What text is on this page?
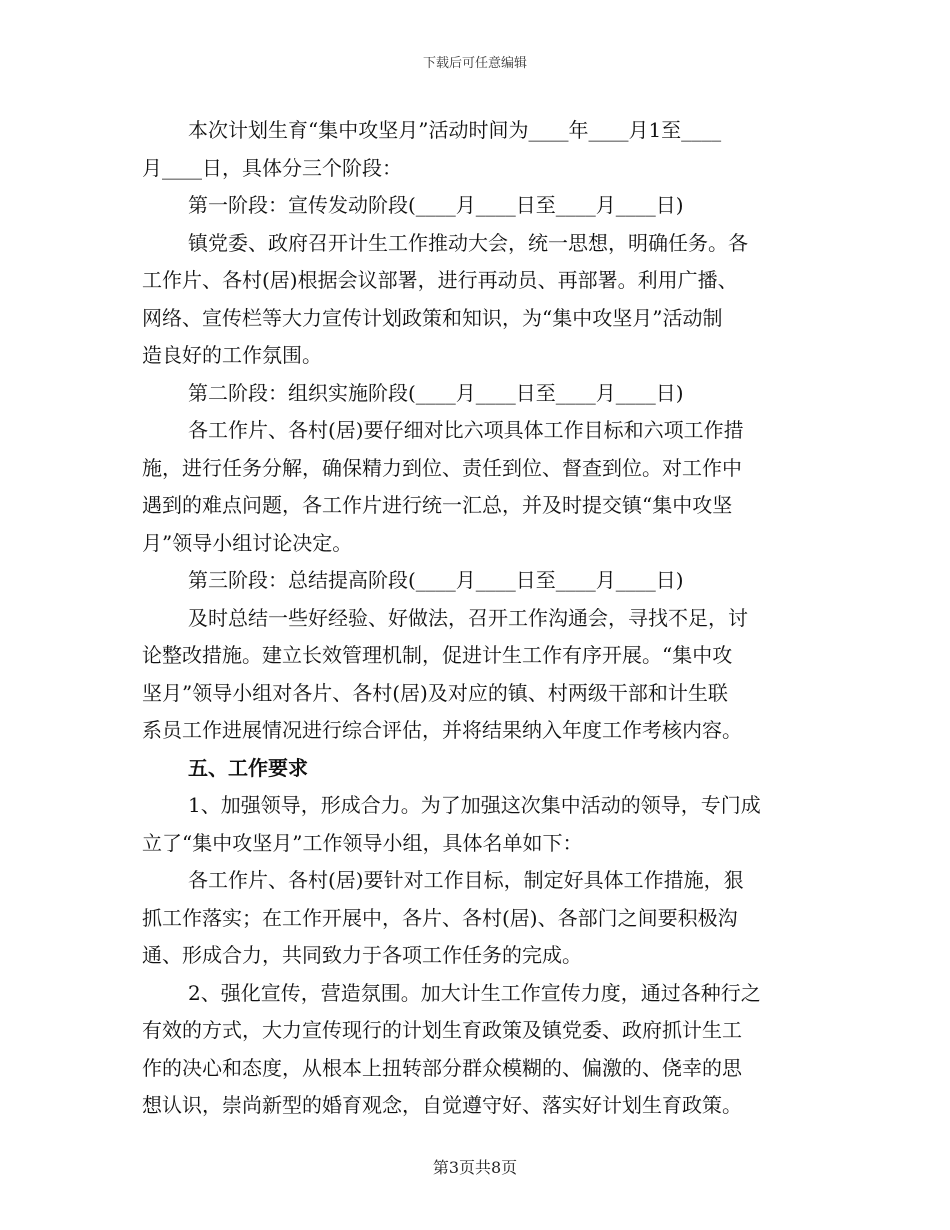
下载后可任意编辑
本次计划生育“集中攻坚月”活动时间为____年____月1至____
月____日，具体分三个阶段：
第一阶段：宣传发动阶段(____月____日至____月____日)
镇党委、政府召开计生工作推动大会，统一思想，明确任务。各
工作片、各村(居)根据会议部署，进行再动员、再部署。利用广播、
网络、宣传栏等大力宣传计划政策和知识，为“集中攻坚月”活动制
造良好的工作氛围。
第二阶段：组织实施阶段(____月____日至____月____日)
各工作片、各村(居)要仔细对比六项具体工作目标和六项工作措
施，进行任务分解，确保精力到位、责任到位、督查到位。对工作中
遇到的难点问题，各工作片进行统一汇总，并及时提交镇“集中攻坚
月”领导小组讨论决定。
第三阶段：总结提高阶段(____月____日至____月____日)
及时总结一些好经验、好做法，召开工作沟通会，寻找不足，讨
论整改措施。建立长效管理机制，促进计生工作有序开展。“集中攻
坚月”领导小组对各片、各村(居)及对应的镇、村两级干部和计生联
系员工作进展情况进行综合评估，并将结果纳入年度工作考核内容。
五、工作要求
1、加强领导，形成合力。为了加强这次集中活动的领导，专门成
立了“集中攻坚月”工作领导小组，具体名单如下：
各工作片、各村(居)要针对工作目标，制定好具体工作措施，狠
抓工作落实；在工作开展中，各片、各村(居)、各部门之间要积极沟
通、形成合力，共同致力于各项工作任务的完成。
2、强化宣传，营造氛围。加大计生工作宣传力度，通过各种行之
有效的方式，大力宣传现行的计划生育政策及镇党委、政府抓计生工
作的决心和态度，从根本上扭转部分群众模糊的、偏激的、侥幸的思
想认识，崇尚新型的婚育观念，自觉遵守好、落实好计划生育政策。
第3页共8页
